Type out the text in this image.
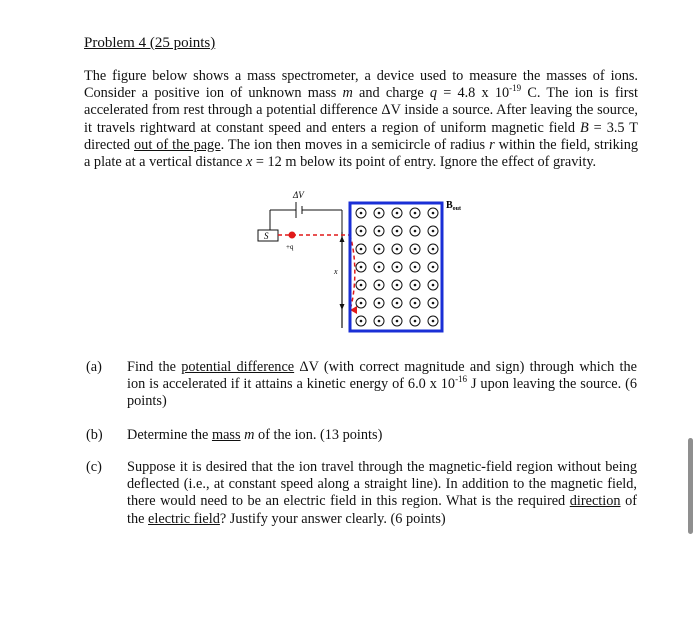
Problem 4 (25 points)
The figure below shows a mass spectrometer, a device used to measure the masses of ions. Consider a positive ion of unknown mass m and charge q = 4.8 x $10^{-19}$ C. The ion is first accelerated from rest through a potential difference ΔV inside a source. After leaving the source, it travels rightward at constant speed and enters a region of uniform magnetic field B = 3.5 T directed out of the page. The ion then moves in a semicircle of radius r within the field, striking a plate at a vertical distance x = 12 m below its point of entry. Ignore the effect of gravity.
ΔV
S
+q
x
$B_{out}$
(a) Find the potential difference ΔV (with correct magnitude and sign) through which the ion is accelerated if it attains a kinetic energy of 6.0 x $10^{-16}$ J upon leaving the source. (6 points)
(b) Determine the mass m of the ion. (13 points)
(c) Suppose it is desired that the ion travel through the magnetic-field region without being deflected (i.e., at constant speed along a straight line). In addition to the magnetic field, there would need to be an electric field in this region. What is the required direction of the electric field? Justify your answer clearly. (6 points)
